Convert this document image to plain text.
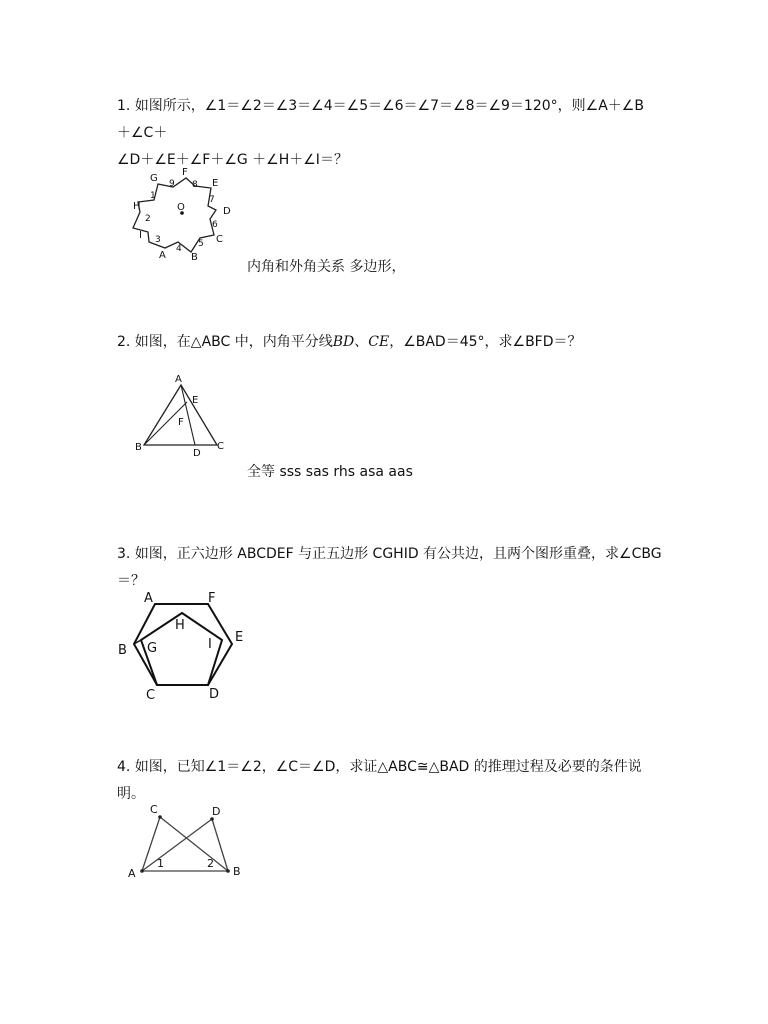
1. 如图所示，∠1＝∠2＝∠3＝∠4＝∠5＝∠6＝∠7＝∠8＝∠9＝120°，则∠A＋∠B＋∠C＋
∠D＋∠E＋∠F＋∠G ＋∠H＋∠I＝？
G
F
E
D
C
B
A
I
H
1
2
3
4 5
6
7
8
9
O
内角和外角关系 多边形，
2. 如图，在△ABC 中，内角平分线BD、CE，∠BAD＝45°，求∠BFD＝？
A
E
F
B
D
C
全等 sss sas rhs asa aas
3. 如图，正六边形 ABCDEF 与正五边形 CGHID 有公共边，且两个图形重叠，求∠CBG＝？
A	F
H
B G	I E
C	D
4. 如图，已知∠1＝∠2，∠C＝∠D，求证△ABC≅△BAD 的推理过程及必要的条件说明。
C	D
A	B
1	2
